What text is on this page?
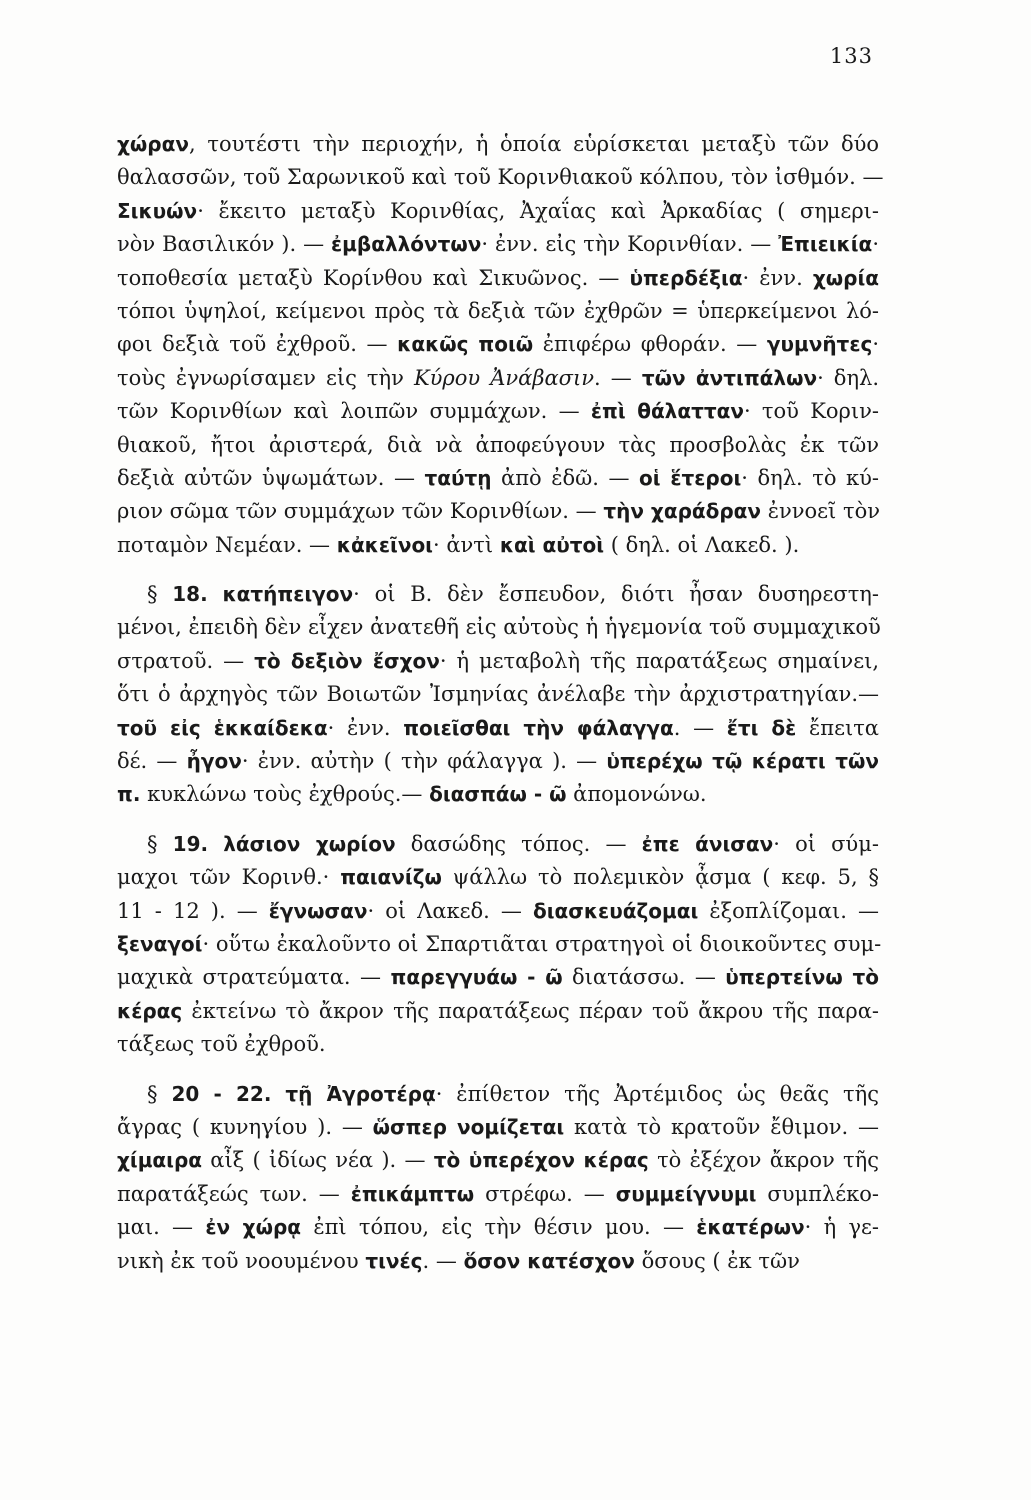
133
χώραν, τουτέστι τὴν περιοχήν, ἡ ὁποία εὑρίσκεται μεταξὺ τῶν δύο
θαλασσῶν, τοῦ Σαρωνικοῦ καὶ τοῦ Κορινθιακοῦ κόλπου, τὸν ἰσθμόν. —
Σικυών· ἔκειτο μεταξὺ Κορινθίας, Ἀχαΐας καὶ Ἀρκαδίας ( σημερι-
νὸν Βασιλικόν ). — ἐμβαλλόντων· ἐνν. εἰς τὴν Κορινθίαν. — Ἐπιεικία·
τοποθεσία μεταξὺ Κορίνθου καὶ Σικυῶνος. — ὑπερδέξια· ἐνν. χωρία
τόποι ὑψηλοί, κείμενοι πρὸς τὰ δεξιὰ τῶν ἐχθρῶν = ὑπερκείμενοι λό-
φοι δεξιὰ τοῦ ἐχθροῦ. — κακῶς ποιῶ ἐπιφέρω φθοράν. — γυμνῆτες·
τοὺς ἐγνωρίσαμεν εἰς τὴν Κύρου Ἀνάβασιν. — τῶν ἀντιπάλων· δηλ.
τῶν Κορινθίων καὶ λοιπῶν συμμάχων. — ἐπὶ θάλατταν· τοῦ Κοριν-
θιακοῦ, ἤτοι ἀριστερά, διὰ νὰ ἀποφεύγουν τὰς προσβολὰς ἐκ τῶν
δεξιὰ αὐτῶν ὑψωμάτων. — ταύτῃ ἀπὸ ἐδῶ. — οἱ ἕτεροι· δηλ. τὸ κύ-
ριον σῶμα τῶν συμμάχων τῶν Κορινθίων. — τὴν χαράδραν ἐννοεῖ τὸν
ποταμὸν Νεμέαν. — κἀκεῖνοι· ἀντὶ καὶ αὐτοὶ ( δηλ. οἱ Λακεδ. ).
§ 18. κατήπειγον· οἱ Β. δὲν ἔσπευδον, διότι ἦσαν δυσηρεστη-
μένοι, ἐπειδὴ δὲν εἶχεν ἀνατεθῆ εἰς αὐτοὺς ἡ ἡγεμονία τοῦ συμμαχικοῦ
στρατοῦ. — τὸ δεξιὸν ἔσχον· ἡ μεταβολὴ τῆς παρατάξεως σημαίνει,
ὅτι ὁ ἀρχηγὸς τῶν Βοιωτῶν Ἰσμηνίας ἀνέλαβε τὴν ἀρχιστρατηγίαν.—
τοῦ εἰς ἑκκαίδεκα· ἐνν. ποιεῖσθαι τὴν φάλαγγα. — ἔτι δὲ ἔπειτα
δέ. — ἦγον· ἐνν. αὐτὴν ( τὴν φάλαγγα ). — ὑπερέχω τῷ κέρατι τῶν
π. κυκλώνω τοὺς ἐχθρούς.— διασπάω - ῶ ἀπομονώνω.
§ 19. λάσιον χωρίον δασώδης τόπος. — ἐπε άνισαν· οἱ σύμ-
μαχοι τῶν Κορινθ.· παιανίζω ψάλλω τὸ πολεμικὸν ᾆσμα ( κεφ. 5, §
11 - 12 ). — ἔγνωσαν· οἱ Λακεδ. — διασκευάζομαι ἐξοπλίζομαι. —
ξεναγοί· οὕτω ἐκαλοῦντο οἱ Σπαρτιᾶται στρατηγοὶ οἱ διοικοῦντες συμ-
μαχικὰ στρατεύματα. — παρεγγυάω - ῶ διατάσσω. — ὑπερτείνω τὸ
κέρας ἐκτείνω τὸ ἄκρον τῆς παρατάξεως πέραν τοῦ ἄκρου τῆς παρα-
τάξεως τοῦ ἐχθροῦ.
§ 20 - 22. τῇ Ἀγροτέρᾳ· ἐπίθετον τῆς Ἀρτέμιδος ὡς θεᾶς τῆς
ἄγρας ( κυνηγίου ). — ὥσπερ νομίζεται κατὰ τὸ κρατοῦν ἔθιμον. —
χίμαιρα αἶξ ( ἰδίως νέα ). — τὸ ὑπερέχον κέρας τὸ ἐξέχον ἄκρον τῆς
παρατάξεώς των. — ἐπικάμπτω στρέφω. — συμμείγνυμι συμπλέκο-
μαι. — ἐν χώρᾳ ἐπὶ τόπου, εἰς τὴν θέσιν μου. — ἑκατέρων· ἡ γε-
νικὴ ἐκ τοῦ νοουμένου τινές. — ὅσον κατέσχον ὅσους ( ἐκ τῶν
